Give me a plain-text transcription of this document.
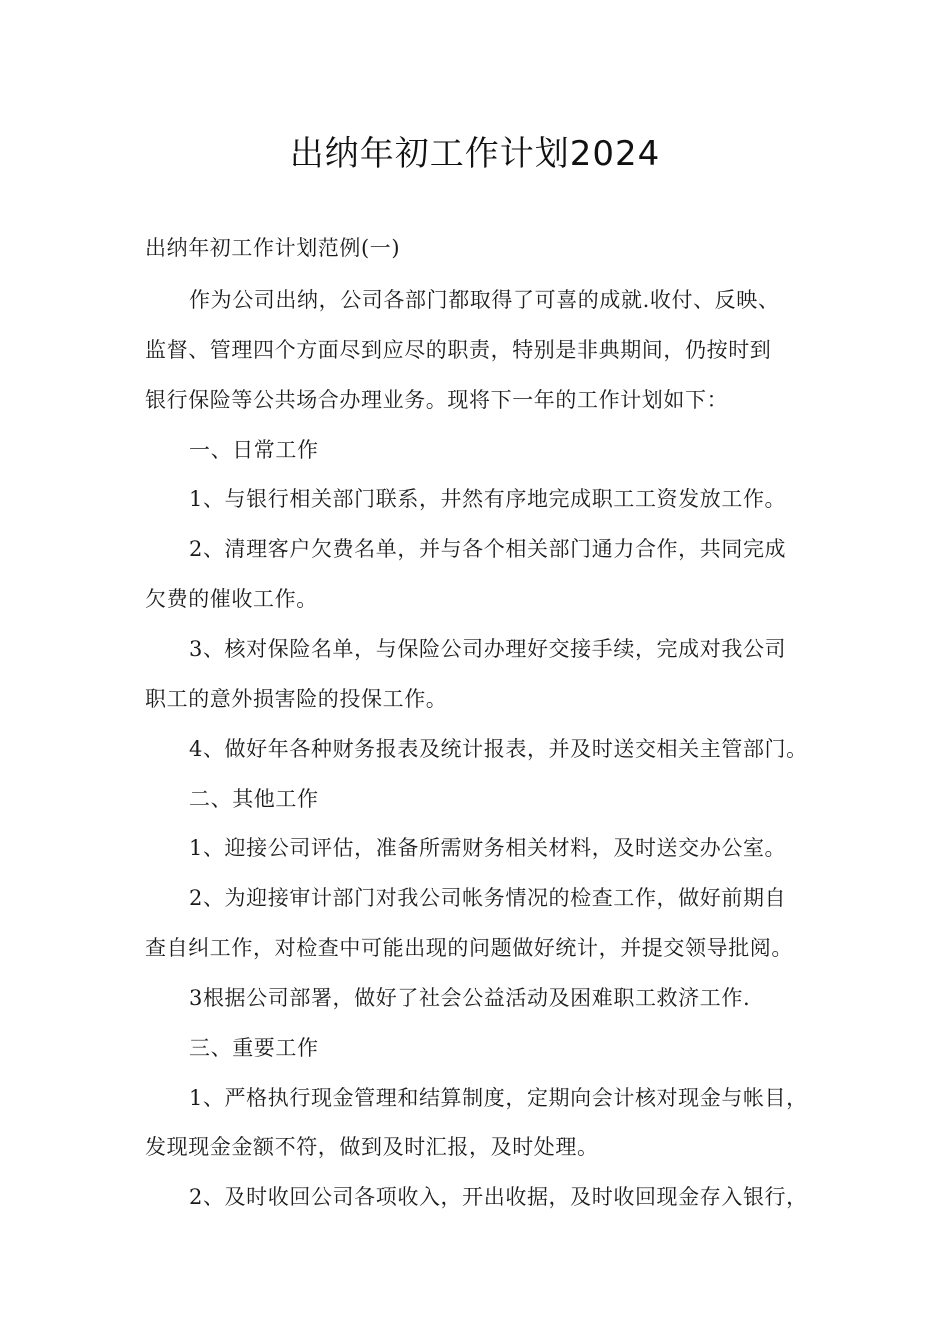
出纳年初工作计划2024
出纳年初工作计划范例(一)
作为公司出纳，公司各部门都取得了可喜的成就.收付、反映、
监督、管理四个方面尽到应尽的职责，特别是非典期间，仍按时到
银行保险等公共场合办理业务。现将下一年的工作计划如下：
一、日常工作
1、与银行相关部门联系，井然有序地完成职工工资发放工作。
2、清理客户欠费名单，并与各个相关部门通力合作，共同完成
欠费的催收工作。
3、核对保险名单，与保险公司办理好交接手续，完成对我公司
职工的意外损害险的投保工作。
4、做好年各种财务报表及统计报表，并及时送交相关主管部门。
二、其他工作
1、迎接公司评估，准备所需财务相关材料，及时送交办公室。
2、为迎接审计部门对我公司帐务情况的检查工作，做好前期自
查自纠工作，对检查中可能出现的问题做好统计，并提交领导批阅。
3根据公司部署，做好了社会公益活动及困难职工救济工作.
三、重要工作
1、严格执行现金管理和结算制度，定期向会计核对现金与帐目，
发现现金金额不符，做到及时汇报，及时处理。
2、及时收回公司各项收入，开出收据，及时收回现金存入银行，
